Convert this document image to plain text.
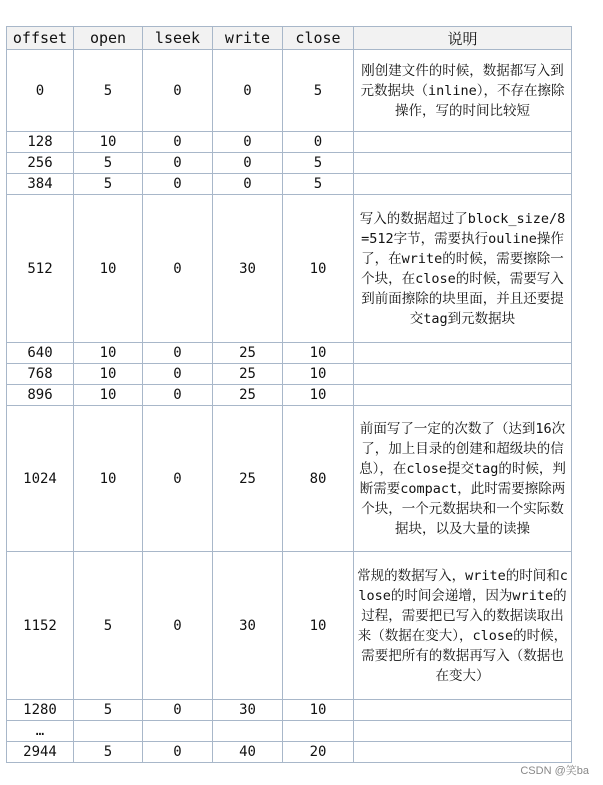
offset	open	lseek	write	close	说明
0	5	0	0	5	刚创建文件的时候，数据都写入到元数据块（inline），不存在擦除操作，写的时间比较短
128	10	0	0	0	
256	5	0	0	5	
384	5	0	0	5	
512	10	0	30	10	写入的数据超过了block_size/8=512字节，需要执行ouline操作了，在write的时候，需要擦除一个块，在close的时候，需要写入到前面擦除的块里面，并且还要提交tag到元数据块
640	10	0	25	10	
768	10	0	25	10	
896	10	0	25	10	
1024	10	0	25	80	前面写了一定的次数了（达到16次了，加上目录的创建和超级块的信息），在close提交tag的时候，判断需要compact，此时需要擦除两个块，一个元数据块和一个实际数据块，以及大量的读操
1152	5	0	30	10	常规的数据写入，write的时间和close的时间会递增，因为write的过程，需要把已写入的数据读取出来（数据在变大），close的时候，需要把所有的数据再写入（数据也在变大）
1280	5	0	30	10	
…					
2944	5	0	40	20	
CSDN @笑ba
